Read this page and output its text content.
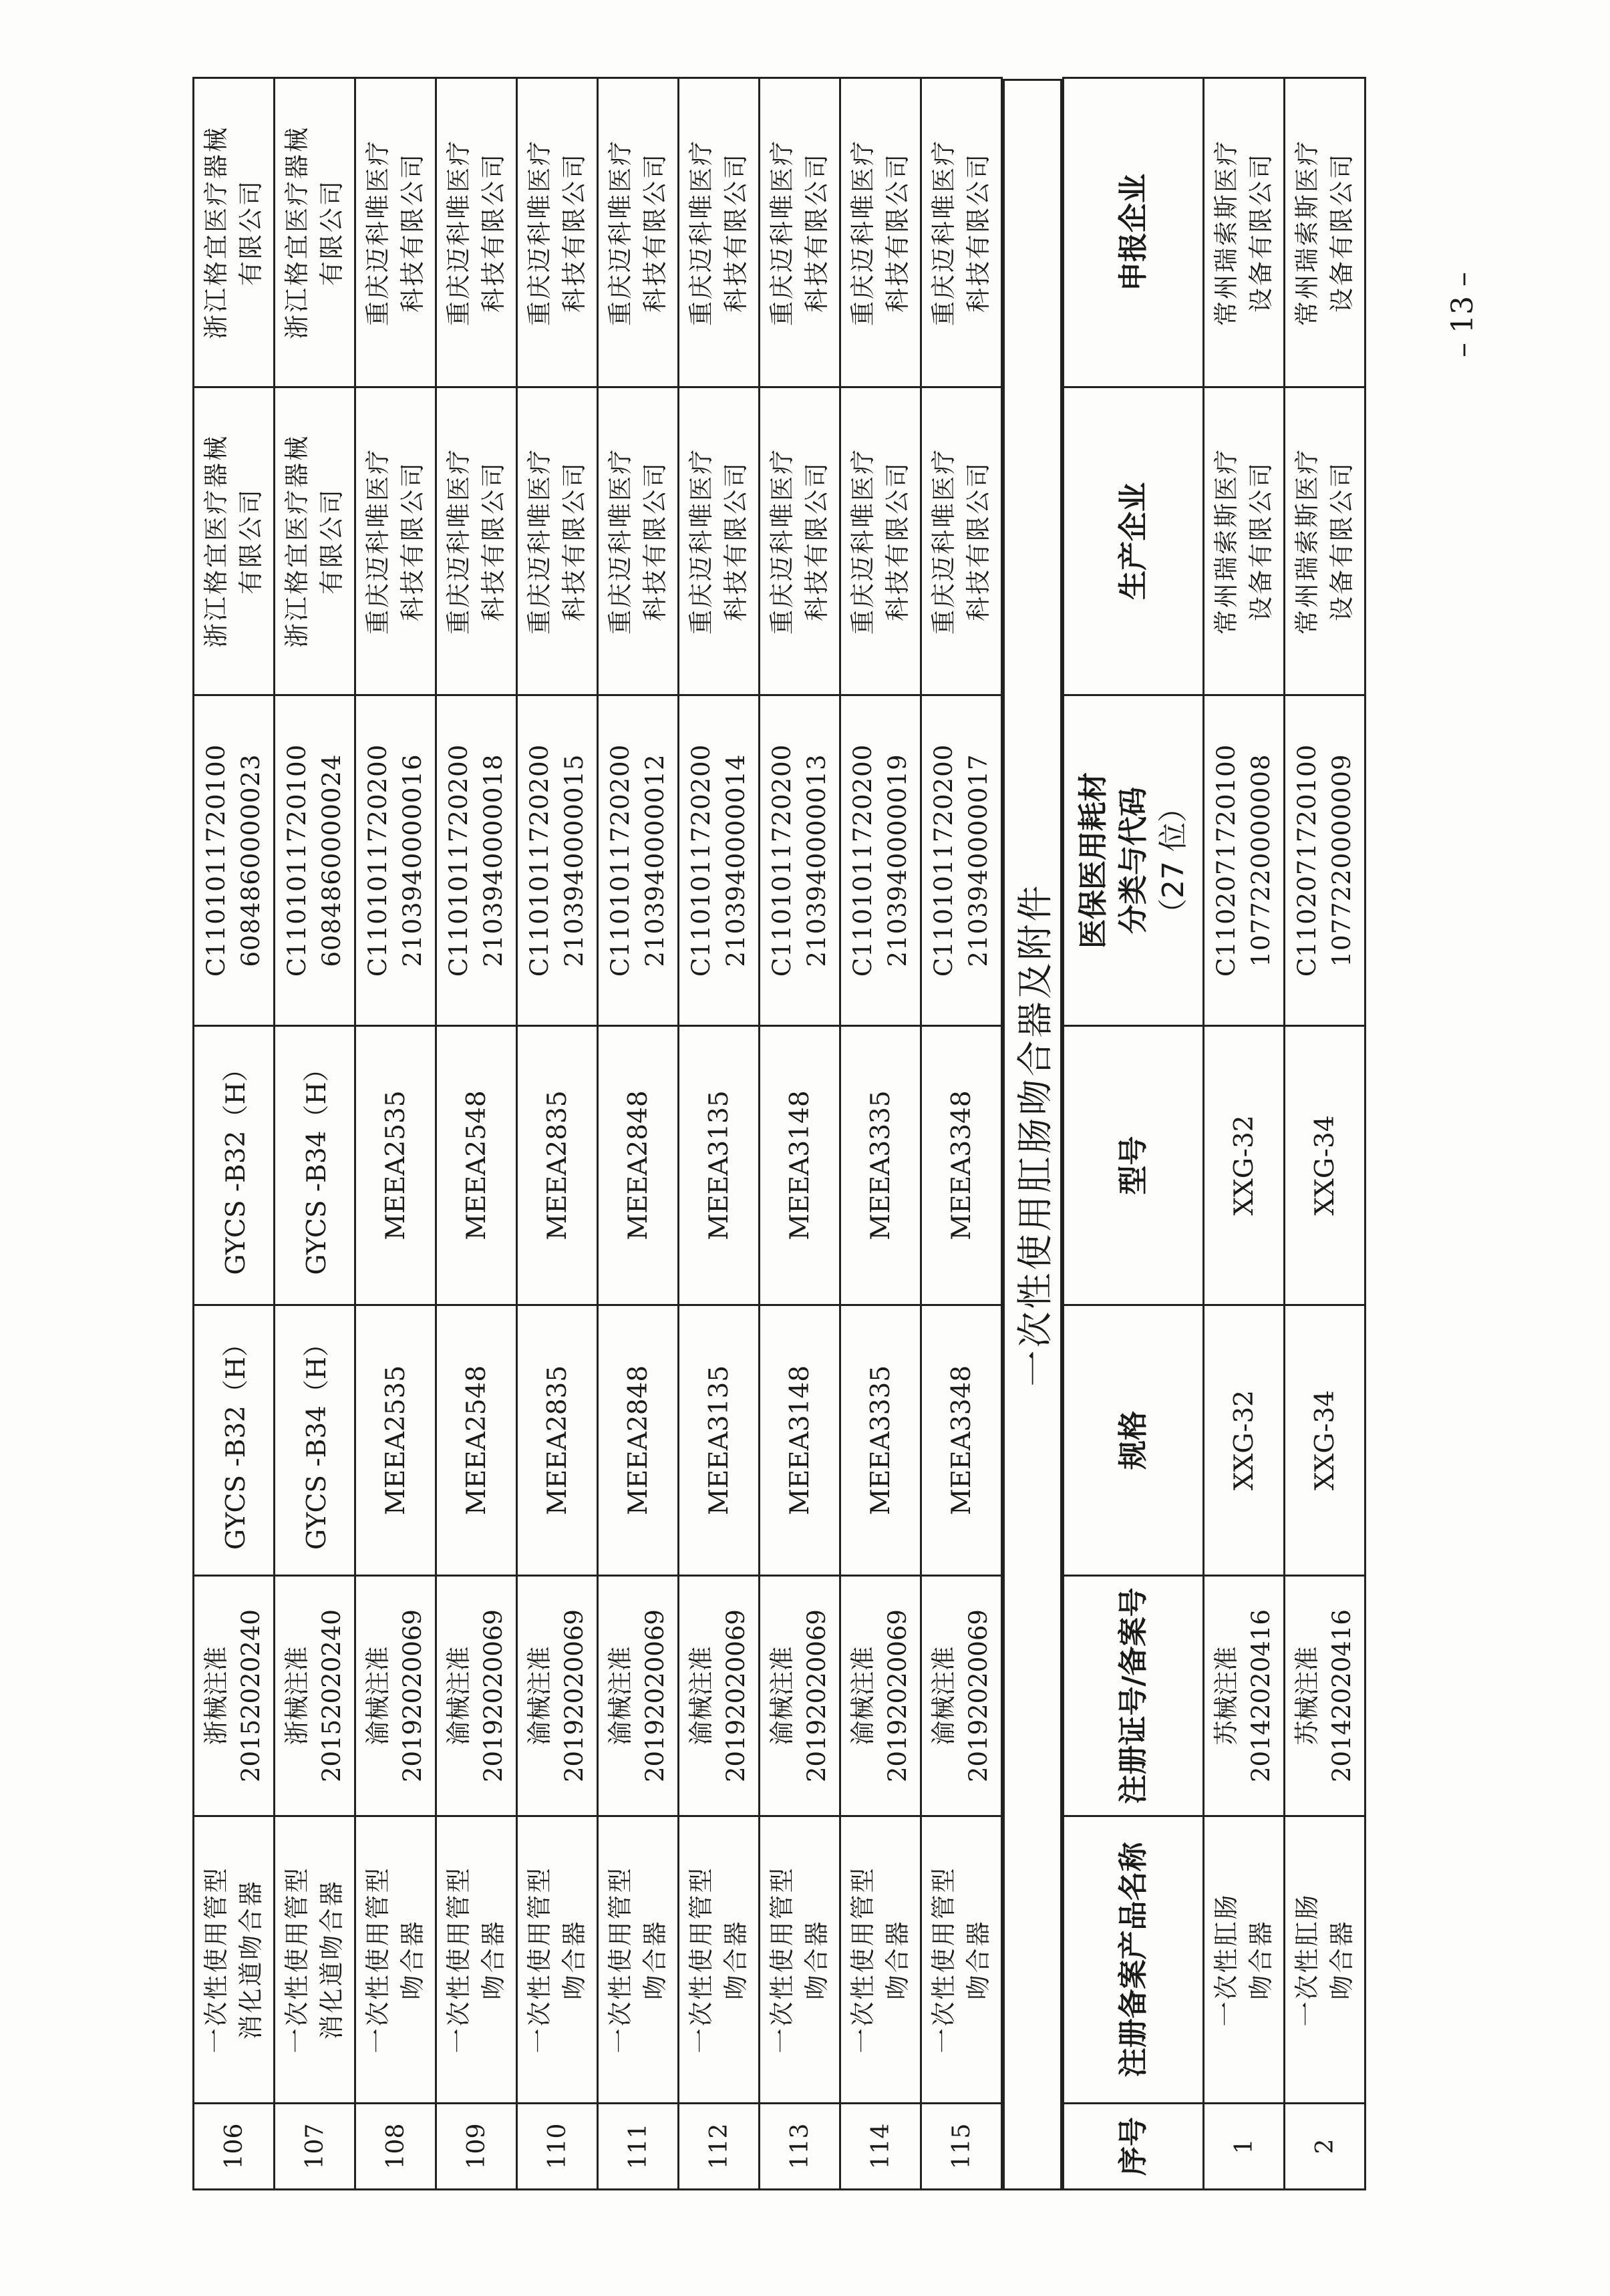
106	一次性使用管型 消化道吻合器	浙械注准 20152020240	GYCS -B32（H）	GYCS -B32（H）	C1101011720100 6084860000023	浙江格宜医疗器械 有限公司	浙江格宜医疗器械 有限公司

107	一次性使用管型 消化道吻合器	浙械注准 20152020240	GYCS -B34（H）	GYCS -B34（H）	C1101011720100 6084860000024	浙江格宜医疗器械 有限公司	浙江格宜医疗器械 有限公司

108	一次性使用管型 吻合器	渝械注准 20192020069	MEEA2535	MEEA2535	C1101011720200 2103940000016	重庆迈科唯医疗 科技有限公司	重庆迈科唯医疗 科技有限公司

109	一次性使用管型 吻合器	渝械注准 20192020069	MEEA2548	MEEA2548	C1101011720200 2103940000018	重庆迈科唯医疗 科技有限公司	重庆迈科唯医疗 科技有限公司

110	一次性使用管型 吻合器	渝械注准 20192020069	MEEA2835	MEEA2835	C1101011720200 2103940000015	重庆迈科唯医疗 科技有限公司	重庆迈科唯医疗 科技有限公司

111	一次性使用管型 吻合器	渝械注准 20192020069	MEEA2848	MEEA2848	C1101011720200 2103940000012	重庆迈科唯医疗 科技有限公司	重庆迈科唯医疗 科技有限公司

112	一次性使用管型 吻合器	渝械注准 20192020069	MEEA3135	MEEA3135	C1101011720200 2103940000014	重庆迈科唯医疗 科技有限公司	重庆迈科唯医疗 科技有限公司

113	一次性使用管型 吻合器	渝械注准 20192020069	MEEA3148	MEEA3148	C1101011720200 2103940000013	重庆迈科唯医疗 科技有限公司	重庆迈科唯医疗 科技有限公司

114	一次性使用管型 吻合器	渝械注准 20192020069	MEEA3335	MEEA3335	C1101011720200 2103940000019	重庆迈科唯医疗 科技有限公司	重庆迈科唯医疗 科技有限公司

115	一次性使用管型 吻合器	渝械注准 20192020069	MEEA3348	MEEA3348	C1101011720200 2103940000017	重庆迈科唯医疗 科技有限公司	重庆迈科唯医疗 科技有限公司
一次性使用肛肠吻合器及附件
序号	注册备案产品名称	注册证号/备案号	规格	型号	医保医用耗材 分类与代码 （27 位）	生产企业	申报企业
1	一次性肛肠 吻合器	苏械注准 20142020416	XXG-32	XXG-32	C1102071720100 1077220000008	常州瑞索斯医疗 设备有限公司	常州瑞索斯医疗 设备有限公司

2	一次性肛肠 吻合器	苏械注准 20142020416	XXG-34	XXG-34	C1102071720100 1077220000009	常州瑞索斯医疗 设备有限公司	常州瑞索斯医疗 设备有限公司
– 13 –
